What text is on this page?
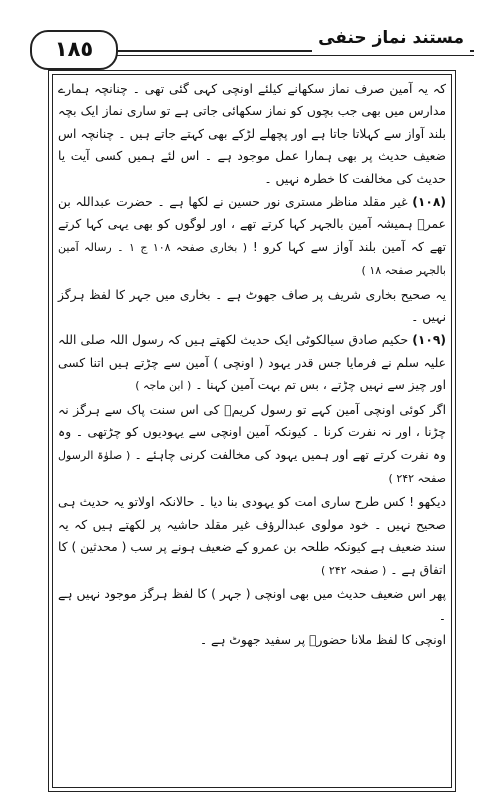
١٨٥	مستند نماز حنفی

کہ یہ آمین صرف نماز سکھانے کیلئے اونچی کہی گئی تھی ۔ چنانچہ ہمارے مدارس میں بھی جب بچوں کو نماز سکھائی جاتی ہے تو ساری نماز ایک بچہ بلند آواز سے کہلاتا جاتا ہے اور پچھلے لڑکے بھی کہتے جاتے ہیں ۔ چنانچہ اس ضعیف حدیث پر بھی ہمارا عمل موجود ہے ۔ اس لئے ہمیں کسی آیت یا حدیث کی مخالفت کا خطرہ نہیں ۔

(۱۰۸) غیر مقلد مناظر مستری نور حسین نے لکھا ہے ۔ حضرت عبداللہ بن عمرؓ ہمیشہ آمین بالجہر کہا کرتے تھے ، اور لوگوں کو بھی یہی کہا کرتے تھے کہ آمین بلند آواز سے کہا کرو ! ( بخاری صفحہ ۱۰۸ ج ۱ ۔ رسالہ آمین بالجہر صفحہ ۱۸ )

یہ صحیح بخاری شریف پر صاف جھوٹ ہے ۔ بخاری میں جہر کا لفظ ہرگز نہیں ۔

(۱۰۹) حکیم صادق سیالکوٹی ایک حدیث لکھتے ہیں کہ رسول اللہ صلی اللہ علیہ سلم نے فرمایا جس قدر یہود ( اونچی ) آمین سے چڑتے ہیں اتنا کسی اور چیز سے نہیں چڑتے ، بس تم بہت آمین کہنا ۔ ( ابن ماجہ )

اگر کوئی اونچی آمین کہے تو رسول کریمؐ کی اس سنت پاک سے ہرگز نہ چڑنا ، اور نہ نفرت کرنا ۔ کیونکہ آمین اونچی سے یہودیوں کو چڑتھی ۔ وہ وہ نفرت کرتے تھے اور ہمیں یہود کی مخالفت کرنی چاہئے ۔ ( صلوٰۃ الرسول صفحہ ۲۴۲ )

دیکھو ! کس طرح ساری امت کو یہودی بنا دیا ۔ حالانکہ اولاتو یہ حدیث ہی صحیح نہیں ۔ خود مولوی عبدالرؤف غیر مقلد حاشیہ پر لکھتے ہیں کہ یہ سند ضعیف ہے کیونکہ طلحہ بن عمرو کے ضعیف ہونے پر سب ( محدثین ) کا اتفاق ہے ۔ ( صفحہ ۲۴۲ )

پھر اس ضعیف حدیث میں بھی اونچی ( جہر ) کا لفظ ہرگز موجود نہیں ہے ۔

اونچی کا لفظ ملانا حضورؐ پر سفید جھوٹ ہے ۔
